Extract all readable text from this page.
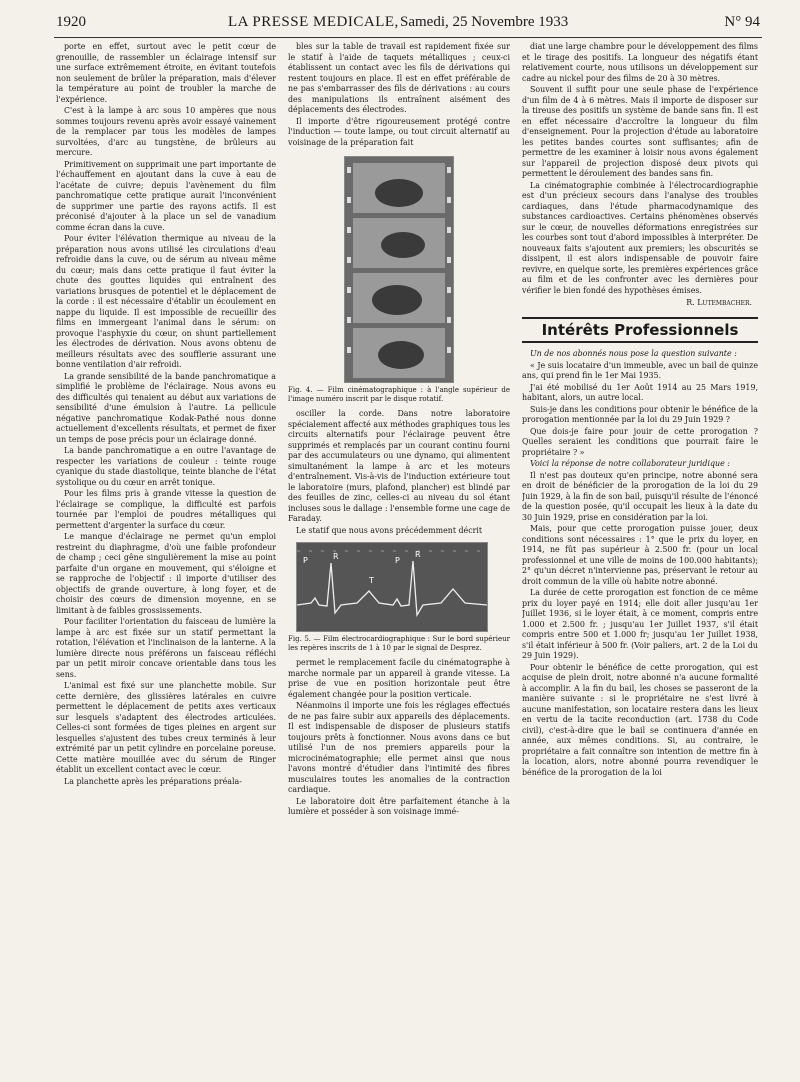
1920	LA PRESSE MEDICALE, Samedi, 25 Novembre 1933	N° 94

porte en effet, surtout avec le petit cœur de grenouille, de rassembler un éclairage intensif sur une surface extrêmement étroite, en évitant toutefois non seulement de brûler la préparation, mais d'élever la température au point de troubler la marche de l'expérience.

C'est à la lampe à arc sous 10 ampères que nous sommes toujours revenu après avoir essayé vainement de la remplacer par tous les modèles de lampes survoltées, d'arc au tungstène, de brûleurs au mercure.

Primitivement on supprimait une part importante de l'échauffement en ajoutant dans la cuve à eau de l'acétate de cuivre; depuis l'avènement du film panchromatique cette pratique aurait l'inconvénient de supprimer une partie des rayons actifs. Il est préconisé d'ajouter à la place un sel de vanadium comme écran dans la cuve.

Pour éviter l'élévation thermique au niveau de la préparation nous avons utilisé les circulations d'eau refroidie dans la cuve, ou de sérum au niveau même du cœur; mais dans cette pratique il faut éviter la chute des gouttes liquides qui entraînent des variations brusques de potentiel et le déplacement de la corde : il est nécessaire d'établir un écoulement en nappe du liquide. Il est impossible de recueillir des films en immergeant l'animal dans le sérum: on provoque l'asphyxie du cœur, on shunt partiellement les électrodes de dérivation. Nous avons obtenu de meilleurs résultats avec des soufflerie assurant une bonne ventilation d'air refroidi.

La grande sensibilité de la bande panchromatique a simplifié le problème de l'éclairage. Nous avons eu des difficultés qui tenaient au début aux variations de sensibilité d'une émulsion à l'autre. La pellicule négative panchromatique Kodak-Pathé nous donne actuellement d'excellents résultats, et permet de fixer un temps de pose précis pour un éclairage donné.

La bande panchromatique a en outre l'avantage de respecter les variations de couleur : teinte rouge cyanique du stade diastolique, teinte blanche de l'état systolique ou du cœur en arrêt tonique.

Pour les films pris à grande vitesse la question de l'éclairage se complique, la difficulté est parfois tournée par l'emploi de poudres métalliques qui permettent d'argenter la surface du cœur.

Le manque d'éclairage ne permet qu'un emploi restreint du diaphragme, d'où une faible profondeur de champ ; ceci gêne singulièrement la mise au point parfaite d'un organe en mouvement, qui s'éloigne et se rapproche de l'objectif : il importe d'utiliser des objectifs de grande ouverture, à long foyer, et de choisir des cœurs de dimension moyenne, en se limitant à de faibles grossissements.

Pour faciliter l'orientation du faisceau de lumière la lampe à arc est fixée sur un statif permettant la rotation, l'élévation et l'inclinaison de la lanterne. A la lumière directe nous préférons un faisceau réfléchi par un petit miroir concave orientable dans tous les sens.

L'animal est fixé sur une planchette mobile. Sur cette dernière, des glissières latérales en cuivre permettent le déplacement de petits axes verticaux sur lesquels s'adaptent des électrodes articulées. Celles-ci sont formées de tiges pleines en argent sur lesquelles s'ajustent des tubes creux terminés à leur extrémité par un petit cylindre en porcelaine poreuse. Cette matière mouillée avec du sérum de Ringer établit un excellent contact avec le cœur.

La planchette après les préparations préala-

bles sur la table de travail est rapidement fixée sur le statif à l'aide de taquets métalliques ; ceux-ci établissent un contact avec les fils de dérivations qui restent toujours en place. Il est en effet préférable de ne pas s'embarrasser des fils de dérivations : au cours des manipulations ils entraînent aisément des déplacements des électrodes.

Il importe d'être rigoureusement protégé contre l'induction — toute lampe, ou tout circuit alternatif au voisinage de la préparation fait

Fig. 4. — Film cinématographique : à l'angle supérieur de l'image numéro inscrit par le disque rotatif.

osciller la corde. Dans notre laboratoire spécialement affecté aux méthodes graphiques tous les circuits alternatifs pour l'éclairage peuvent être supprimés et remplacés par un courant continu fourni par des accumulateurs ou une dynamo, qui alimentent simultanément la lampe à arc et les moteurs d'entraînement. Vis-à-vis de l'induction extérieure tout le laboratoire (murs, plafond, plancher) est blindé par des feuilles de zinc, celles-ci au niveau du sol étant incluses sous le dallage : l'ensemble forme une cage de Faraday.

Le statif que nous avons précédemment décrit

P	R
T
P
R
Fig. 5. — Film électrocardiographique : Sur le bord supérieur les repères inscrits de 1 à 10 par le signal de Desprez.

permet le remplacement facile du cinématographe à marche normale par un appareil à grande vitesse. La prise de vue en position horizontale peut être également changée pour la position verticale.

Néanmoins il importe une fois les réglages effectués de ne pas faire subir aux appareils des déplacements. Il est indispensable de disposer de plusieurs statifs toujours prêts à fonctionner. Nous avons dans ce but utilisé l'un de nos premiers appareils pour la microcinématographie; elle permet ainsi que nous l'avons montré d'étudier dans l'intimité des fibres musculaires toutes les anomalies de la contraction cardiaque.

Le laboratoire doit être parfaitement étanche à la lumière et posséder à son voisinage immé-

diat une large chambre pour le développement des films et le tirage des positifs. La longueur des négatifs étant relativement courte, nous utilisons un développement sur cadre au nickel pour des films de 20 à 30 mètres.

Souvent il suffit pour une seule phase de l'expérience d'un film de 4 à 6 mètres. Mais il importe de disposer sur la tireuse des positifs un système de bande sans fin. Il est en effet nécessaire d'accroître la longueur du film d'enseignement. Pour la projection d'étude au laboratoire les petites bandes courtes sont suffisantes; afin de permettre de les examiner à loisir nous avons également sur l'appareil de projection disposé deux pivots qui permettent le déroulement des bandes sans fin.

La cinématographie combinée à l'électrocardiographie est d'un précieux secours dans l'analyse des troubles cardiaques, dans l'étude pharmacodynamique des substances cardioactives. Certains phénomènes observés sur le cœur, de nouvelles déformations enregistrées sur les courbes sont tout d'abord impossibles à interpréter. De nouveaux faits s'ajoutent aux premiers; les obscurités se dissipent, il est alors indispensable de pouvoir faire revivre, en quelque sorte, les premières expériences grâce au film et de les confronter avec les dernières pour vérifier le bien fondé des hypothèses émises.

R. Lutembacher.
Intérêts Professionnels

Un de nos abonnés nous pose la question suivante :

« Je suis locataire d'un immeuble, avec un bail de quinze ans, qui prend fin le 1er Mai 1935.

J'ai été mobilisé du 1er Août 1914 au 25 Mars 1919, habitant, alors, un autre local.

Suis-je dans les conditions pour obtenir le bénéfice de la prorogation mentionnée par la loi du 29 Juin 1929 ?

Que dois-je faire pour jouir de cette prorogation ? Quelles seraient les conditions que pourrait faire le propriétaire ? »

Voici la réponse de notre collaborateur juridique :

Il n'est pas douteux qu'en principe, notre abonné sera en droit de bénéficier de la prorogation de la loi du 29 Juin 1929, à la fin de son bail, puisqu'il résulte de l'énoncé de la question posée, qu'il occupait les lieux à la date du 30 Juin 1929, prise en considération par la loi.

Mais, pour que cette prorogation puisse jouer, deux conditions sont nécessaires : 1° que le prix du loyer, en 1914, ne fût pas supérieur à 2.500 fr. (pour un local professionnel et une ville de moins de 100.000 habitants); 2° qu'un décret n'intervienne pas, préservant le retour au droit commun de la ville où habite notre abonné.

La durée de cette prorogation est fonction de ce même prix du loyer payé en 1914; elle doit aller jusqu'au 1er Juillet 1936, si le loyer était, à ce moment, compris entre 1.000 et 2.500 fr. ; jusqu'au 1er Juillet 1937, s'il était compris entre 500 et 1.000 fr; jusqu'au 1er Juillet 1938, s'il était inférieur à 500 fr. (Voir paliers, art. 2 de la Loi du 29 Juin 1929).

Pour obtenir le bénéfice de cette prorogation, qui est acquise de plein droit, notre abonné n'a aucune formalité à accomplir. A la fin du bail, les choses se passeront de la manière suivante : si le propriétaire ne s'est livré à aucune manifestation, son locataire restera dans les lieux en vertu de la tacite reconduction (art. 1738 du Code civil), c'est-à-dire que le bail se continuera d'année en année, aux mêmes conditions. Si, au contraire, le propriétaire a fait connaître son intention de mettre fin à la location, alors, notre abonné pourra revendiquer le bénéfice de la prorogation de la loi
